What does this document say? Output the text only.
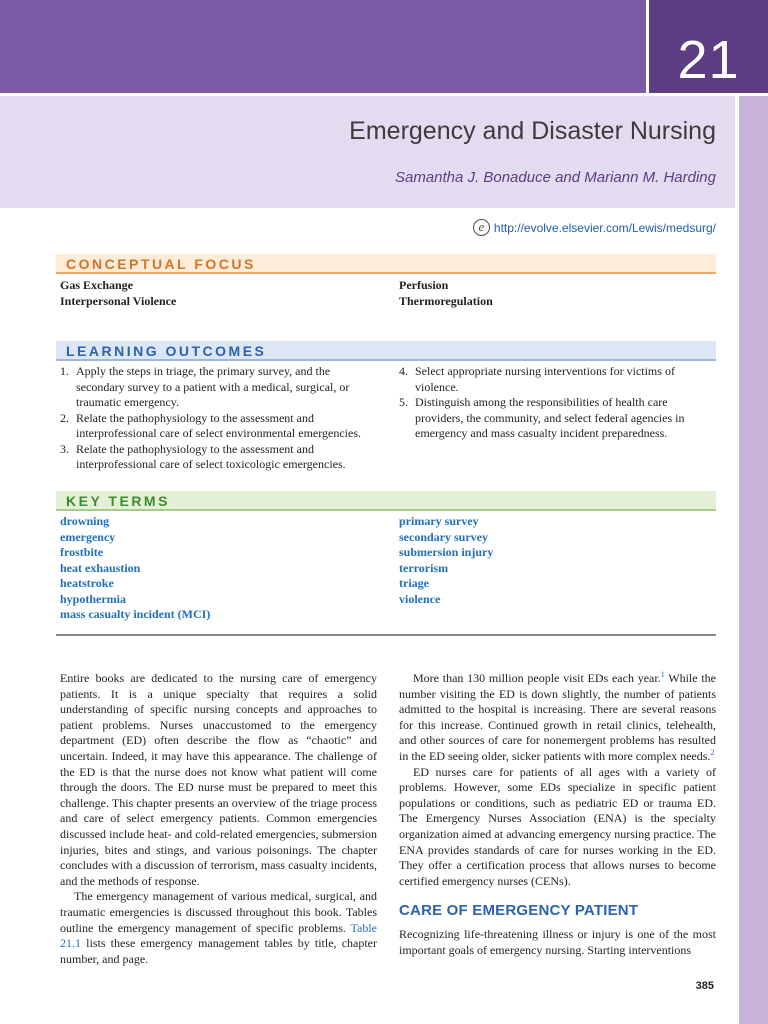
21
Emergency and Disaster Nursing
Samantha J. Bonaduce and Mariann M. Harding
e http://evolve.elsevier.com/Lewis/medsurg/
CONCEPTUAL FOCUS
Gas Exchange
Interpersonal Violence
Perfusion
Thermoregulation
LEARNING OUTCOMES
1. Apply the steps in triage, the primary survey, and the secondary survey to a patient with a medical, surgical, or traumatic emergency.
2. Relate the pathophysiology to the assessment and interprofessional care of select environmental emergencies.
3. Relate the pathophysiology to the assessment and interprofessional care of select toxicologic emergencies.
4. Select appropriate nursing interventions for victims of violence.
5. Distinguish among the responsibilities of health care providers, the community, and select federal agencies in emergency and mass casualty incident preparedness.
KEY TERMS
drowning
emergency
frostbite
heat exhaustion
heatstroke
hypothermia
mass casualty incident (MCI)
primary survey
secondary survey
submersion injury
terrorism
triage
violence

Entire books are dedicated to the nursing care of emergency patients. It is a unique specialty that requires a solid understanding of specific nursing concepts and approaches to patient problems. Nurses unaccustomed to the emergency department (ED) often describe the flow as “chaotic” and uncertain. Indeed, it may have this appearance. The challenge of the ED is that the nurse does not know what patient will come through the doors. The ED nurse must be prepared to meet this challenge. This chapter presents an overview of the triage process and care of select emergency patients. Common emergencies discussed include heat- and cold-related emergencies, submersion injuries, bites and stings, and various poisonings. The chapter concludes with a discussion of terrorism, mass casualty incidents, and the methods of response.

The emergency management of various medical, surgical, and traumatic emergencies is discussed throughout this book. Tables outline the emergency management of specific problems. Table 21.1 lists these emergency management tables by title, chapter number, and page.

More than 130 million people visit EDs each year.$^1$ While the number visiting the ED is down slightly, the number of patients admitted to the hospital is increasing. There are several reasons for this increase. Continued growth in retail clinics, telehealth, and other sources of care for nonemergent problems has resulted in the ED seeing older, sicker patients with more complex needs.$^2$

ED nurses care for patients of all ages with a variety of problems. However, some EDs specialize in specific patient populations or conditions, such as pediatric ED or trauma ED. The Emergency Nurses Association (ENA) is the specialty organization aimed at advancing emergency nursing practice. The ENA provides standards of care for nurses working in the ED. They offer a certification process that allows nurses to become certified emergency nurses (CENs).

CARE OF EMERGENCY PATIENT

Recognizing life-threatening illness or injury is one of the most important goals of emergency nursing. Starting interventions

385
